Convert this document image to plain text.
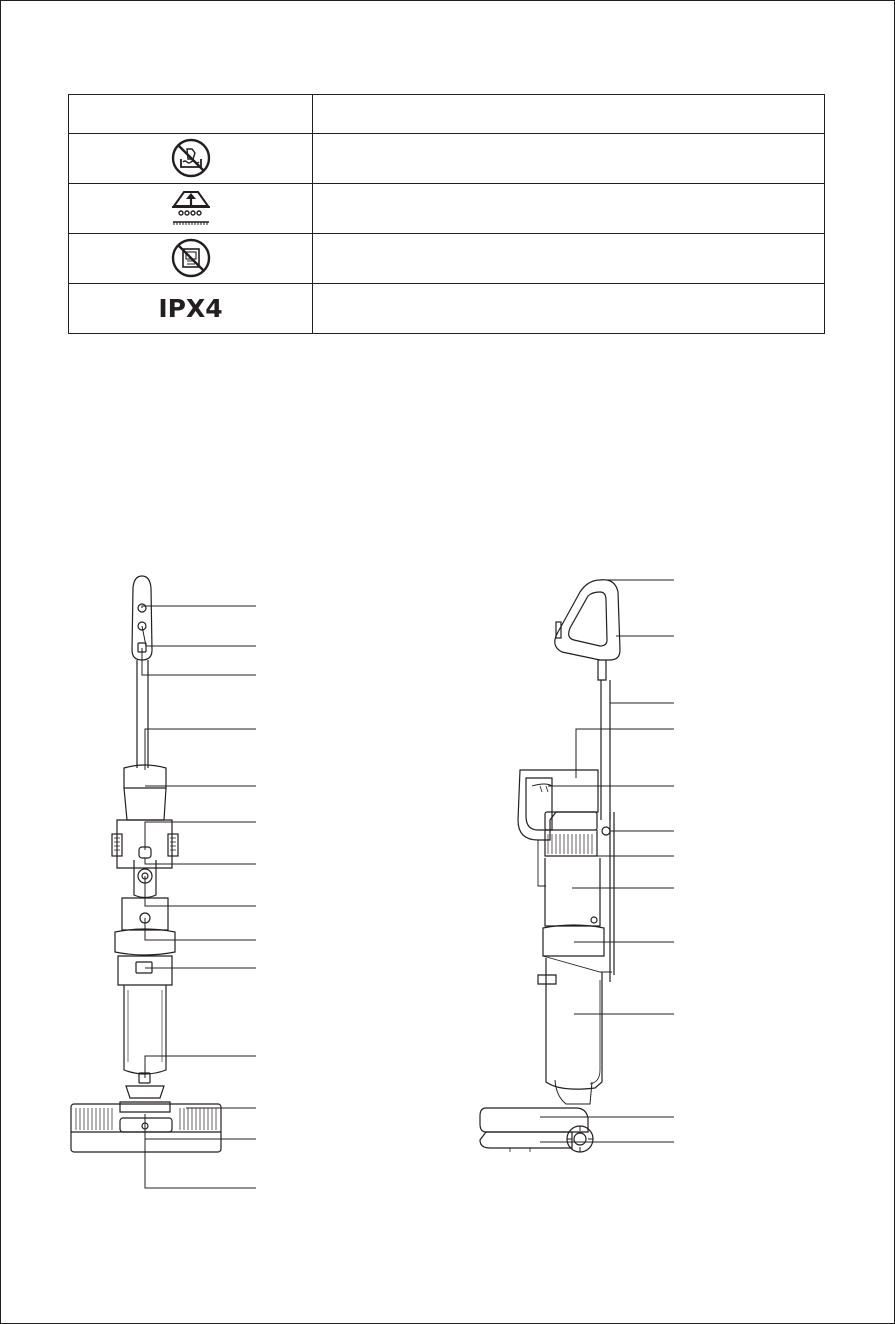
IPX4	
